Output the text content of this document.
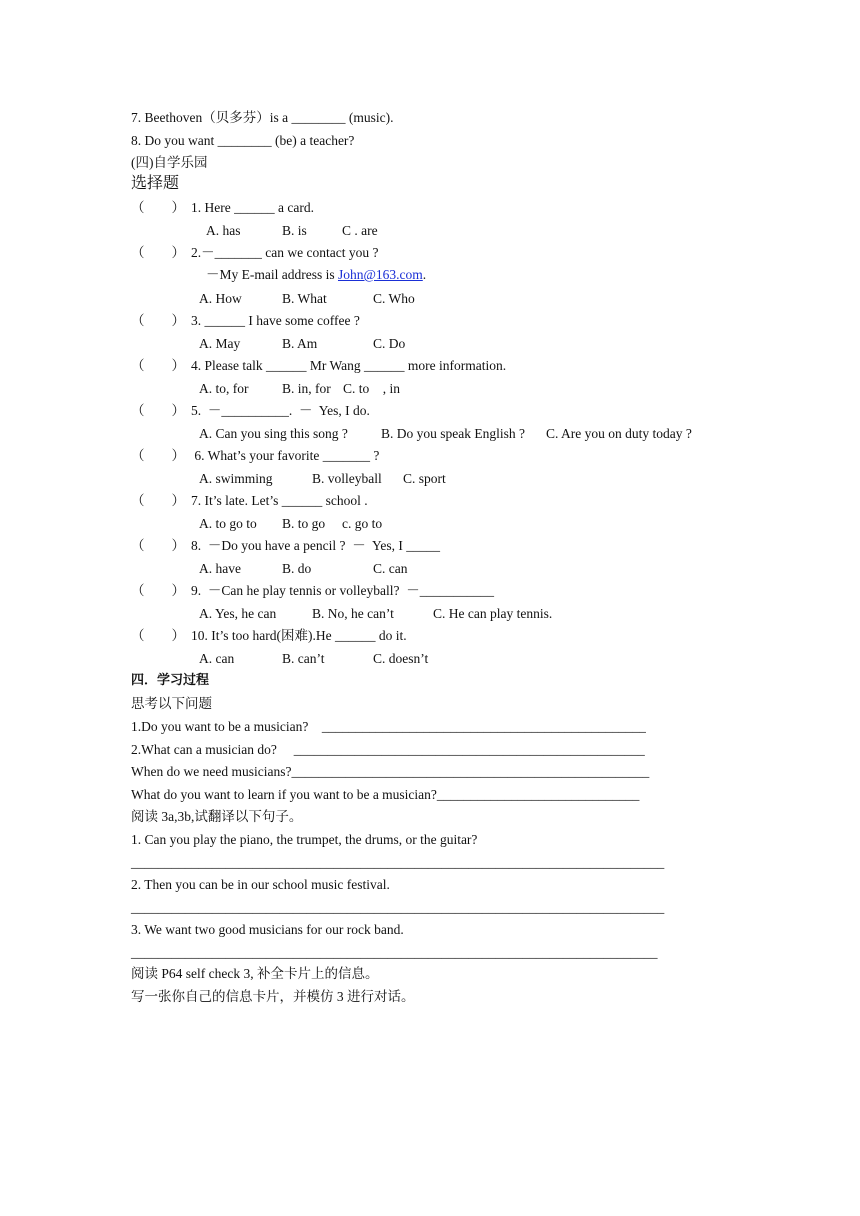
7. Beethoven（贝多芬）is a ________ (music).
8. Do you want ________ (be) a teacher?
(四)自学乐园
选择题
（        ） 1. Here ______ a card.
A. has	B. is	C . are
（        ） 2.－_______ can we contact you ?
－My E-mail address is John@163.com.
A. How	B. What	C. Who
（        ） 3. ______ I have some coffee ?
A. May	B. Am	C. Do
（        ） 4. Please talk ______ Mr Wang ______ more information.
A. to, for B. in, for C. to    , in
（        ） 5.  －__________.  －  Yes, I do.
A. Can you sing this song ? B. Do you speak English ? C. Are you on duty today ?
（        ） 6. What’s your favorite _______ ?
A. swimming	B. volleyball C. sport
（        ） 7. It’s late. Let’s ______ school .
A. to go to B. to go c. go to
（        ） 8.  －Do you have a pencil ?  －  Yes, I _____
A. have	B. do	C. can
（        ） 9.  －Can he play tennis or volleyball?  －___________
A. Yes, he can	B. No, he can’t	C. He can play tennis.
（        ） 10. It’s too hard(困难).He ______ do it.
A. can	B. can’t	C. doesn’t
四．学习过程
思考以下问题
1.Do you want to be a musician?    ________________________________________________
2.What can a musician do?     ____________________________________________________
When do we need musicians?_____________________________________________________
What do you want to learn if you want to be a musician?______________________________
阅读 3a,3b,试翻译以下句子。
1. Can you play the piano, the trumpet, the drums, or the guitar?
_______________________________________________________________________________
2. Then you can be in our school music festival.
_______________________________________________________________________________
3. We want two good musicians for our rock band.
______________________________________________________________________________
阅读 P64 self check 3, 补全卡片上的信息。
写一张你自己的信息卡片，并模仿 3 进行对话。
